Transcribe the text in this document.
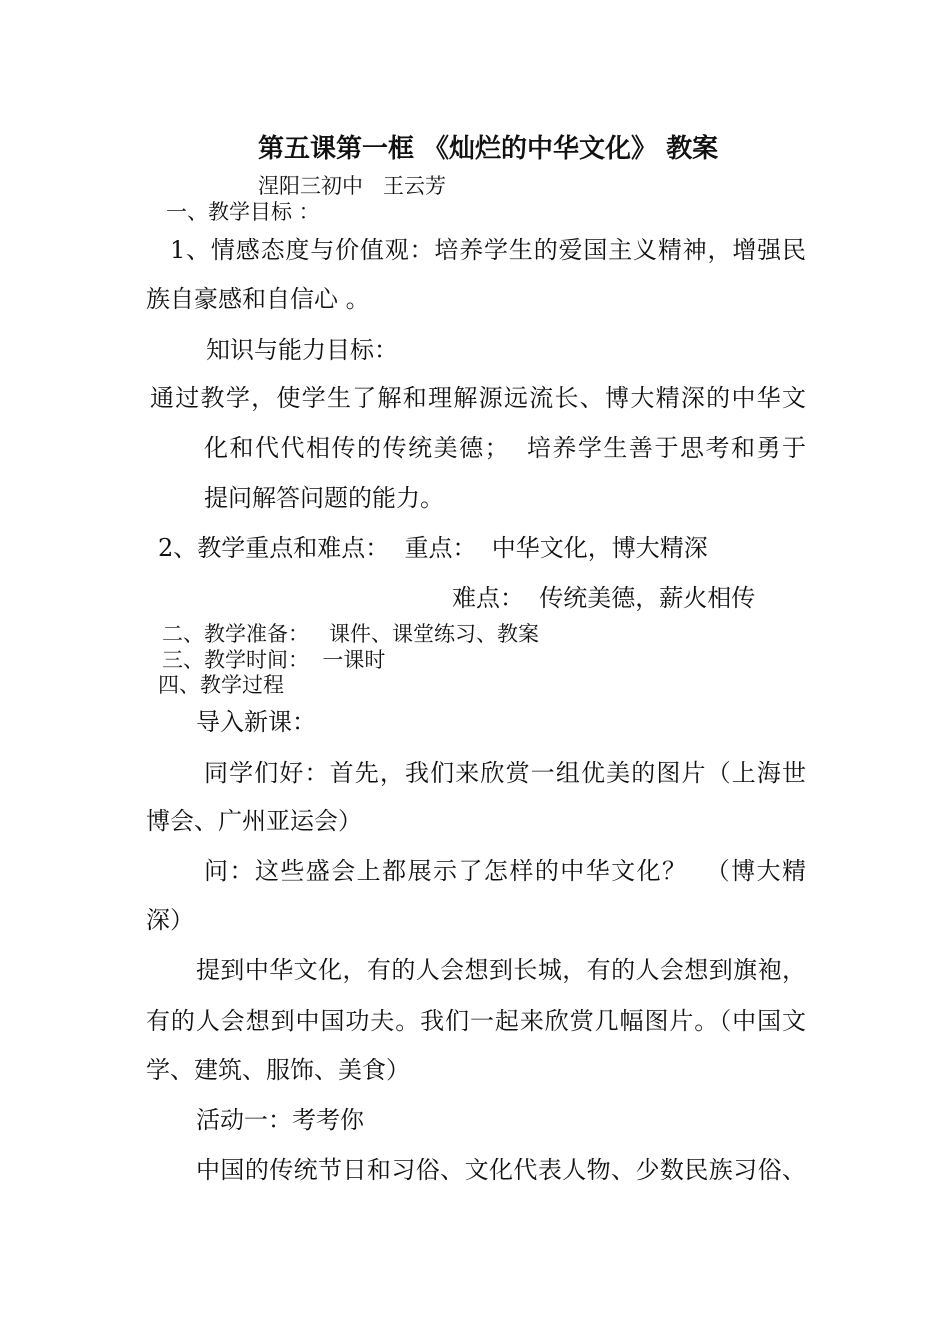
第五课第一框 《灿烂的中华文化》 教案
涅阳三初中   王云芳
一、教学目标 ：
1、情感态度与价值观：培养学生的爱国主义精神，增强民
族自豪感和自信心 。
知识与能力目标：
通过教学，使学生了解和理解源远流长、博大精深的中华文
化和代代相传的传统美德；  培养学生善于思考和勇于
提问解答问题的能力。
2、教学重点和难点：  重点：  中华文化，博大精深
难点：  传统美德，薪火相传
二、教学准备：   课件、课堂练习、教案
三、教学时间：  一课时
四、教学过程
导入新课：
同学们好：首先，我们来欣赏一组优美的图片（上海世
博会、广州亚运会）
问：这些盛会上都展示了怎样的中华文化？  （博大精
深）
提到中华文化，有的人会想到长城，有的人会想到旗袍，
有的人会想到中国功夫。我们一起来欣赏几幅图片。（中国文
学、建筑、服饰、美食）
活动一：考考你
中国的传统节日和习俗、文化代表人物、少数民族习俗、
